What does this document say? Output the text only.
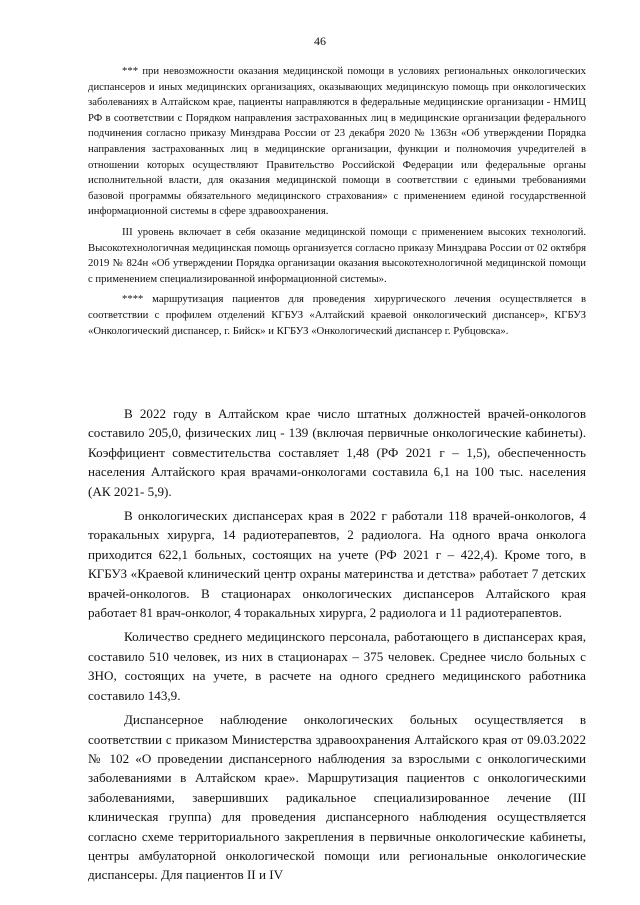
46

*** при невозможности оказания медицинской помощи в условиях региональных онкологических диспансеров и иных медицинских организациях, оказывающих медицинскую помощь при онкологических заболеваниях в Алтайском крае, пациенты направляются в федеральные медицинские организации - НМИЦ РФ в соответствии с Порядком направления застрахованных лиц в медицинские организации федерального подчинения согласно приказу Минздрава России от 23 декабря 2020 № 1363н «Об утверждении Порядка направления застрахованных лиц в медицинские организации, функции и полномочия учредителей в отношении которых осуществляют Правительство Российской Федерации или федеральные органы исполнительной власти, для оказания медицинской помощи в соответствии с едиными требованиями базовой программы обязательного медицинского страхования» с применением единой государственной информационной системы в сфере здравоохранения.

III уровень включает в себя оказание медицинской помощи с применением высоких технологий. Высокотехнологичная медицинская помощь организуется согласно приказу Минздрава России от 02 октября 2019 № 824н «Об утверждении Порядка организации оказания высокотехнологичной медицинской помощи с применением специализированной информационной системы».

**** маршрутизация пациентов для проведения хирургического лечения осуществляется в соответствии с профилем отделений КГБУЗ «Алтайский краевой онкологический диспансер», КГБУЗ «Онкологический диспансер, г. Бийск» и КГБУЗ «Онкологический диспансер г. Рубцовска».

В 2022 году в Алтайском крае число штатных должностей врачей-онкологов составило 205,0, физических лиц - 139 (включая первичные онкологические кабинеты). Коэффициент совместительства составляет 1,48 (РФ 2021 г – 1,5), обеспеченность населения Алтайского края врачами-онкологами составила 6,1 на 100 тыс. населения (АК 2021- 5,9).

В онкологических диспансерах края в 2022 г работали 118 врачей-онкологов, 4 торакальных хирурга, 14 радиотерапевтов, 2 радиолога. На одного врача онколога приходится 622,1 больных, состоящих на учете (РФ 2021 г – 422,4). Кроме того, в КГБУЗ «Краевой клинический центр охраны материнства и детства» работает 7 детских врачей-онкологов. В стационарах онкологических диспансеров Алтайского края работает 81 врач-онколог, 4 торакальных хирурга, 2 радиолога и 11 радиотерапевтов.

Количество среднего медицинского персонала, работающего в диспансерах края, составило 510 человек, из них в стационарах – 375 человек. Среднее число больных с ЗНО, состоящих на учете, в расчете на одного среднего медицинского работника составило 143,9.

Диспансерное наблюдение онкологических больных осуществляется в соответствии с приказом Министерства здравоохранения Алтайского края от 09.03.2022 № 102 «О проведении диспансерного наблюдения за взрослыми с онкологическими заболеваниями в Алтайском крае». Маршрутизация пациентов с онкологическими заболеваниями, завершивших радикальное специализированное лечение (III клиническая группа) для проведения диспансерного наблюдения осуществляется согласно схеме территориального закрепления в первичные онкологические кабинеты, центры амбулаторной онкологической помощи или региональные онкологические диспансеры. Для пациентов II и IV
